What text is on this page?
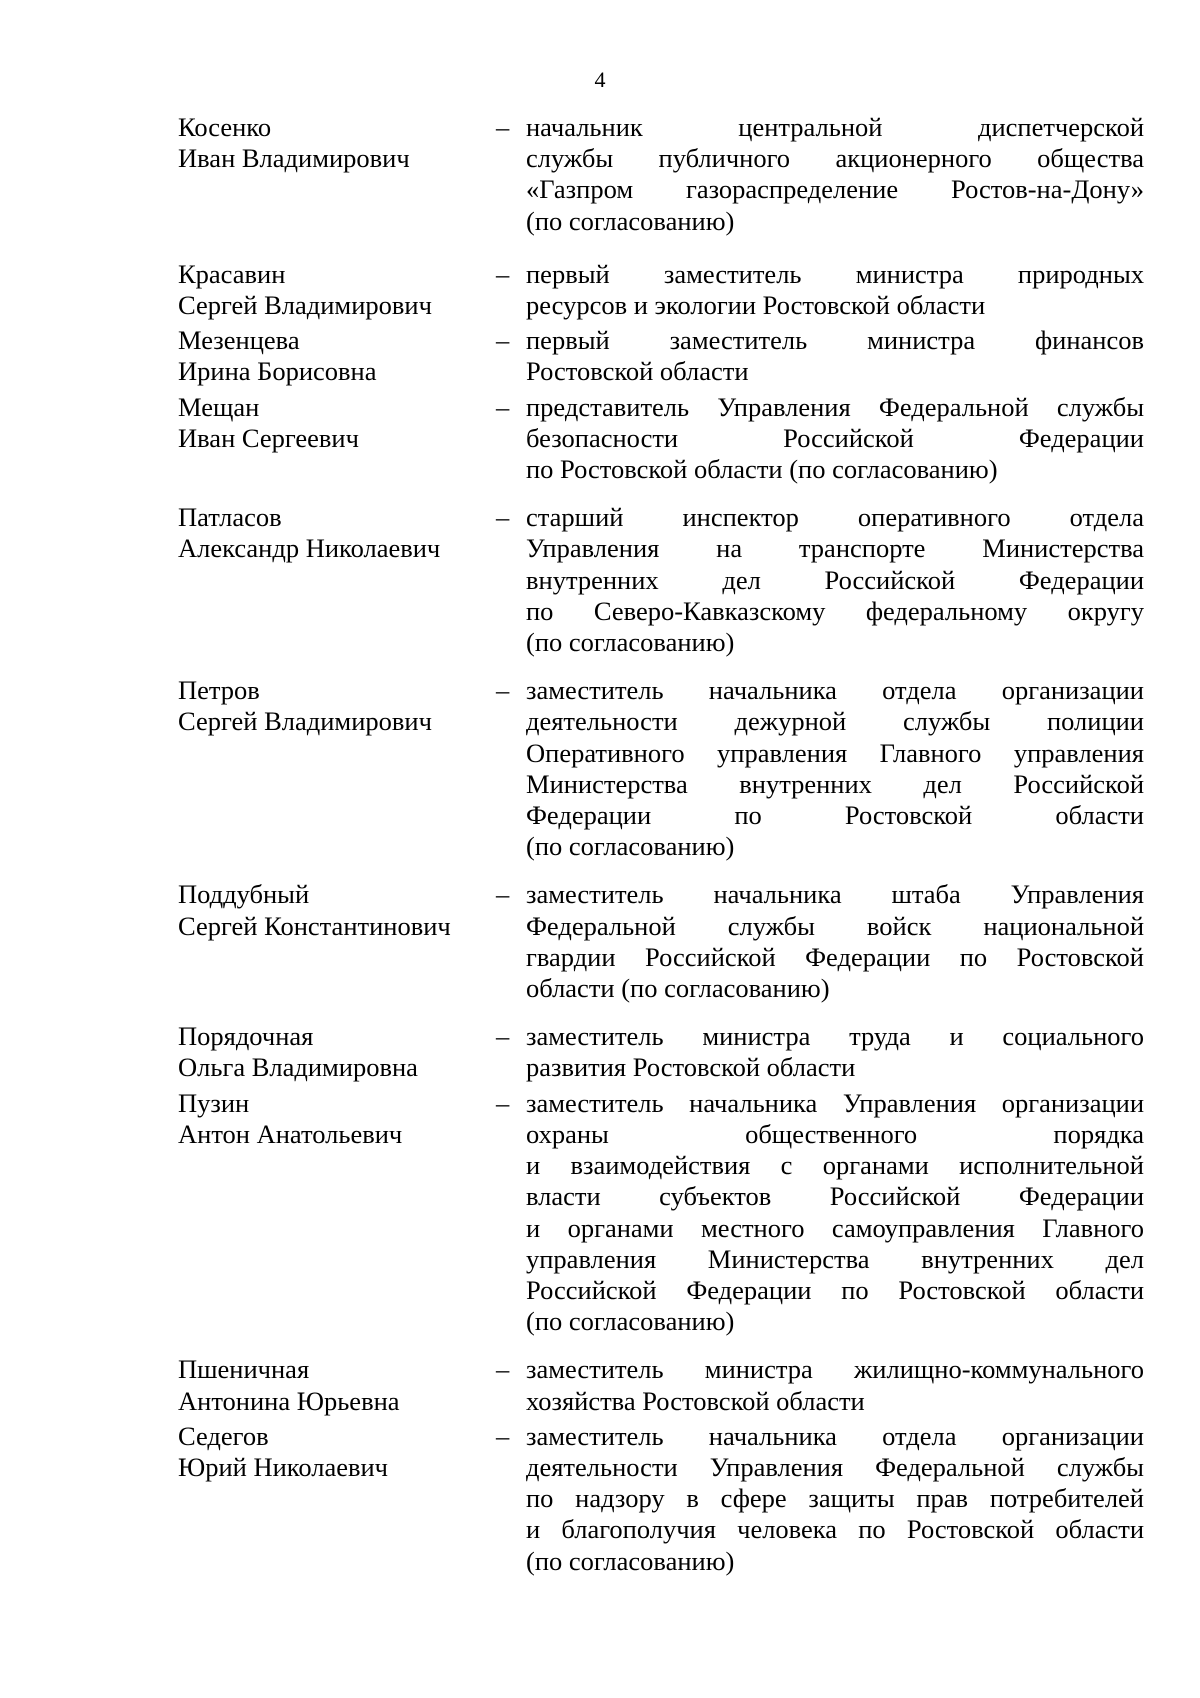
4
Косенко
Иван Владимирович
– начальник центральной диспетчерской
службы публичного акционерного общества
«Газпром газораспределение Ростов-на-Дону»
(по согласованию)
Красавин
Сергей Владимирович
– первый заместитель министра природных
ресурсов и экологии Ростовской области
Мезенцева
Ирина Борисовна
– первый заместитель министра финансов
Ростовской области
Мещан
Иван Сергеевич
– представитель Управления Федеральной службы
безопасности Российской Федерации
по Ростовской области (по согласованию)
Патласов
Александр Николаевич
– старший инспектор оперативного отдела
Управления на транспорте Министерства
внутренних дел Российской Федерации
по Северо-Кавказскому федеральному округу
(по согласованию)
Петров
Сергей Владимирович
– заместитель начальника отдела организации
деятельности дежурной службы полиции
Оперативного управления Главного управления
Министерства внутренних дел Российской
Федерации по Ростовской области
(по согласованию)
Поддубный
Сергей Константинович
– заместитель начальника штаба Управления
Федеральной службы войск национальной
гвардии Российской Федерации по Ростовской
области (по согласованию)
Порядочная
Ольга Владимировна
– заместитель министра труда и социального
развития Ростовской области
Пузин
Антон Анатольевич
– заместитель начальника Управления организации
охраны общественного порядка
и взаимодействия с органами исполнительной
власти субъектов Российской Федерации
и органами местного самоуправления Главного
управления Министерства внутренних дел
Российской Федерации по Ростовской области
(по согласованию)
Пшеничная
Антонина Юрьевна
– заместитель министра жилищно-коммунального
хозяйства Ростовской области
Седегов
Юрий Николаевич
– заместитель начальника отдела организации
деятельности Управления Федеральной службы
по надзору в сфере защиты прав потребителей
и благополучия человека по Ростовской области
(по согласованию)
